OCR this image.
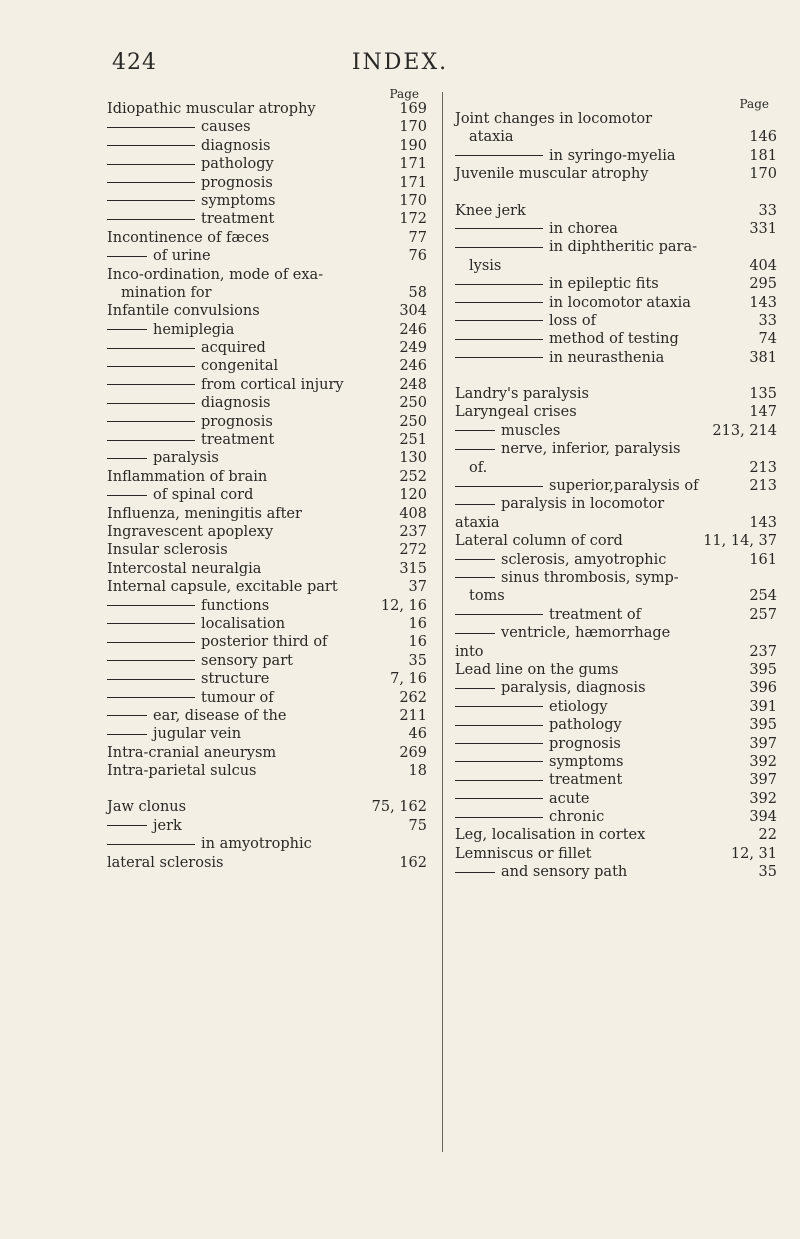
424	INDEX.
Page
Idiopathic muscular atrophy	169
causes	170
diagnosis	190
pathology	171
prognosis	171
symptoms	170
treatment	172
Incontinence of fæces	77
of urine	76
Inco-ordination, mode of exa-
mination for	58
Infantile convulsions	304
hemiplegia	246
acquired	249
congenital	246
from cortical injury	248
diagnosis	250
prognosis	250
treatment	251
paralysis	130
Inflammation of brain	252
of spinal cord	120
Influenza, meningitis after	408
Ingravescent apoplexy	237
Insular sclerosis	272
Intercostal neuralgia	315
Internal capsule, excitable part	37
functions	12, 16
localisation	16
posterior third of	16
sensory part	35
structure	7, 16
tumour of	262
ear, disease of the	211
jugular vein	46
Intra-cranial aneurysm	269
Intra-parietal sulcus	18
Jaw clonus	75, 162
jerk	75
in amyotrophic
lateral sclerosis	162
Page
Joint changes in locomotor
ataxia	146
in syringo-myelia	181
Juvenile muscular atrophy	170
Knee jerk	33
in chorea	331
in diphtheritic para-
lysis	404
in epileptic fits	295
in locomotor ataxia	143
loss of	33
method of testing	74
in neurasthenia	381
Landry's paralysis	135
Laryngeal crises	147
muscles	213, 214
nerve, inferior, paralysis
of.	213
superior,paralysis of	213
paralysis in locomotor
ataxia	143
Lateral column of cord	11, 14, 37
sclerosis, amyotrophic	161
sinus thrombosis, symp-
toms	254
treatment of	257
ventricle, hæmorrhage
into	237
Lead line on the gums	395
paralysis, diagnosis	396
etiology	391
pathology	395
prognosis	397
symptoms	392
treatment	397
acute	392
chronic	394
Leg, localisation in cortex	22
Lemniscus or fillet	12, 31
and sensory path	35
